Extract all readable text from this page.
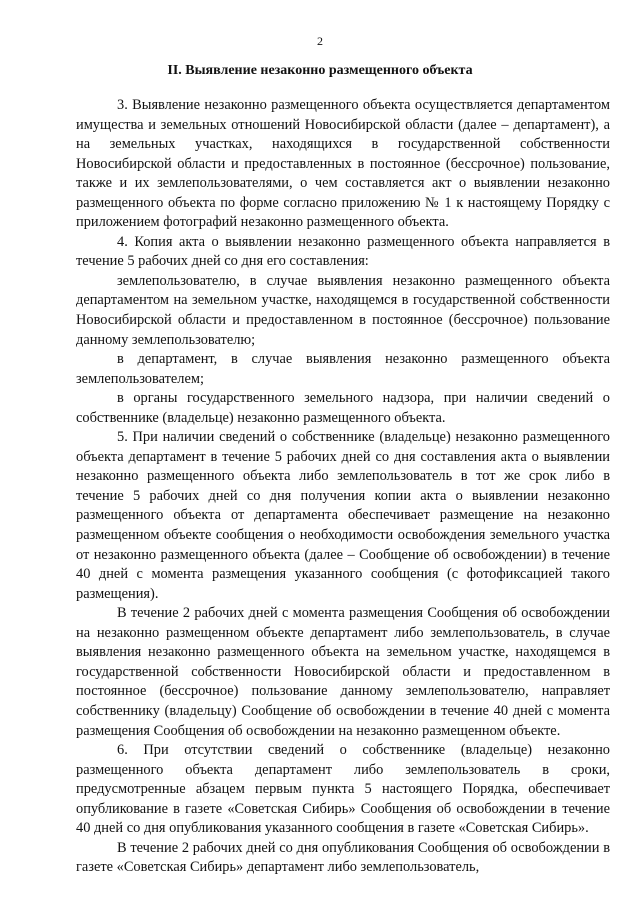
2
II. Выявление незаконно размещенного объекта

3. Выявление незаконно размещенного объекта осуществляется департаментом имущества и земельных отношений Новосибирской области (далее – департамент), а на земельных участках, находящихся в государственной собственности Новосибирской области и предоставленных в постоянное (бессрочное) пользование, также и их землепользователями, о чем составляется акт о выявлении незаконно размещенного объекта по форме согласно приложению № 1 к настоящему Порядку с приложением фотографий незаконно размещенного объекта.

4. Копия акта о выявлении незаконно размещенного объекта направляется в течение 5 рабочих дней со дня его составления:

землепользователю, в случае выявления незаконно размещенного объекта департаментом на земельном участке, находящемся в государственной собственности Новосибирской области и предоставленном в постоянное (бессрочное) пользование данному землепользователю;

в департамент, в случае выявления незаконно размещенного объекта землепользователем;

в органы государственного земельного надзора, при наличии сведений о собственнике (владельце) незаконно размещенного объекта.

5. При наличии сведений о собственнике (владельце) незаконно размещенного объекта департамент в течение 5 рабочих дней со дня составления акта о выявлении незаконно размещенного объекта либо землепользователь в тот же срок либо в течение 5 рабочих дней со дня получения копии акта о выявлении незаконно размещенного объекта от департамента обеспечивает размещение на незаконно размещенном объекте сообщения о необходимости освобождения земельного участка от незаконно размещенного объекта (далее – Сообщение об освобождении) в течение 40 дней с момента размещения указанного сообщения (с фотофиксацией такого размещения).

В течение 2 рабочих дней с момента размещения Сообщения об освобождении на незаконно размещенном объекте департамент либо землепользователь, в случае выявления незаконно размещенного объекта на земельном участке, находящемся в государственной собственности Новосибирской области и предоставленном в постоянное (бессрочное) пользование данному землепользователю, направляет собственнику (владельцу) Сообщение об освобождении в течение 40 дней с момента размещения Сообщения об освобождении на незаконно размещенном объекте.

6. При отсутствии сведений о собственнике (владельце) незаконно размещенного объекта департамент либо землепользователь в сроки, предусмотренные абзацем первым пункта 5 настоящего Порядка, обеспечивает опубликование в газете «Советская Сибирь» Сообщения об освобождении в течение 40 дней со дня опубликования указанного сообщения в газете «Советская Сибирь».

В течение 2 рабочих дней со дня опубликования Сообщения об освобождении в газете «Советская Сибирь» департамент либо землепользователь,
